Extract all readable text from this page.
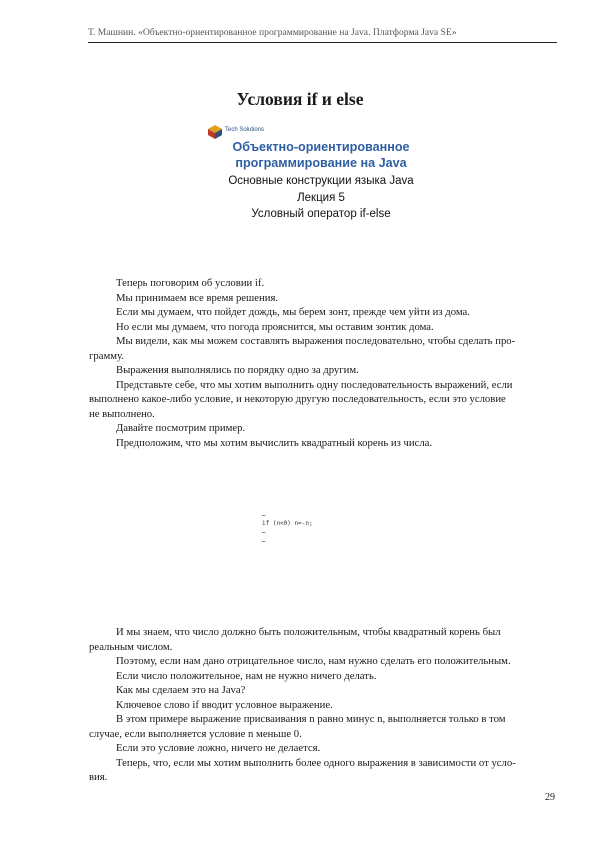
Т. Машнин. «Объектно-ориентированное программирование на Java. Платформа Java SE»
Условия if и else
Tech Solutions
Объектно-ориентированное
программирование на Java
Основные конструкции языка Java
Лекция 5
Условный оператор if-else

Теперь поговорим об условии if.

Мы принимаем все время решения.

Если мы думаем, что пойдет дождь, мы берем зонт, прежде чем уйти из дома.

Но если мы думаем, что погода прояснится, мы оставим зонтик дома.

Мы видели, как мы можем составлять выражения последовательно, чтобы сделать про-

грамму.

Выражения выполнялись по порядку одно за другим.

Представьте себе, что мы хотим выполнить одну последовательность выражений, если

выполнено какое-либо условие, и некоторую другую последовательность, если это условие

не выполнено.

Давайте посмотрим пример.

Предположим, что мы хотим вычислить квадратный корень из числа.

…
if (n<0) n=-n;
…
…

И мы знаем, что число должно быть положительным, чтобы квадратный корень был

реальным числом.

Поэтому, если нам дано отрицательное число, нам нужно сделать его положительным.

Если число положительное, нам не нужно ничего делать.

Как мы сделаем это на Java?

Ключевое слово if вводит условное выражение.

В этом примере выражение присваивания n равно минус n, выполняется только в том

случае, если выполняется условие n меньше 0.

Если это условие ложно, ничего не делается.

Теперь, что, если мы хотим выполнить более одного выражения в зависимости от усло-

вия.

29
